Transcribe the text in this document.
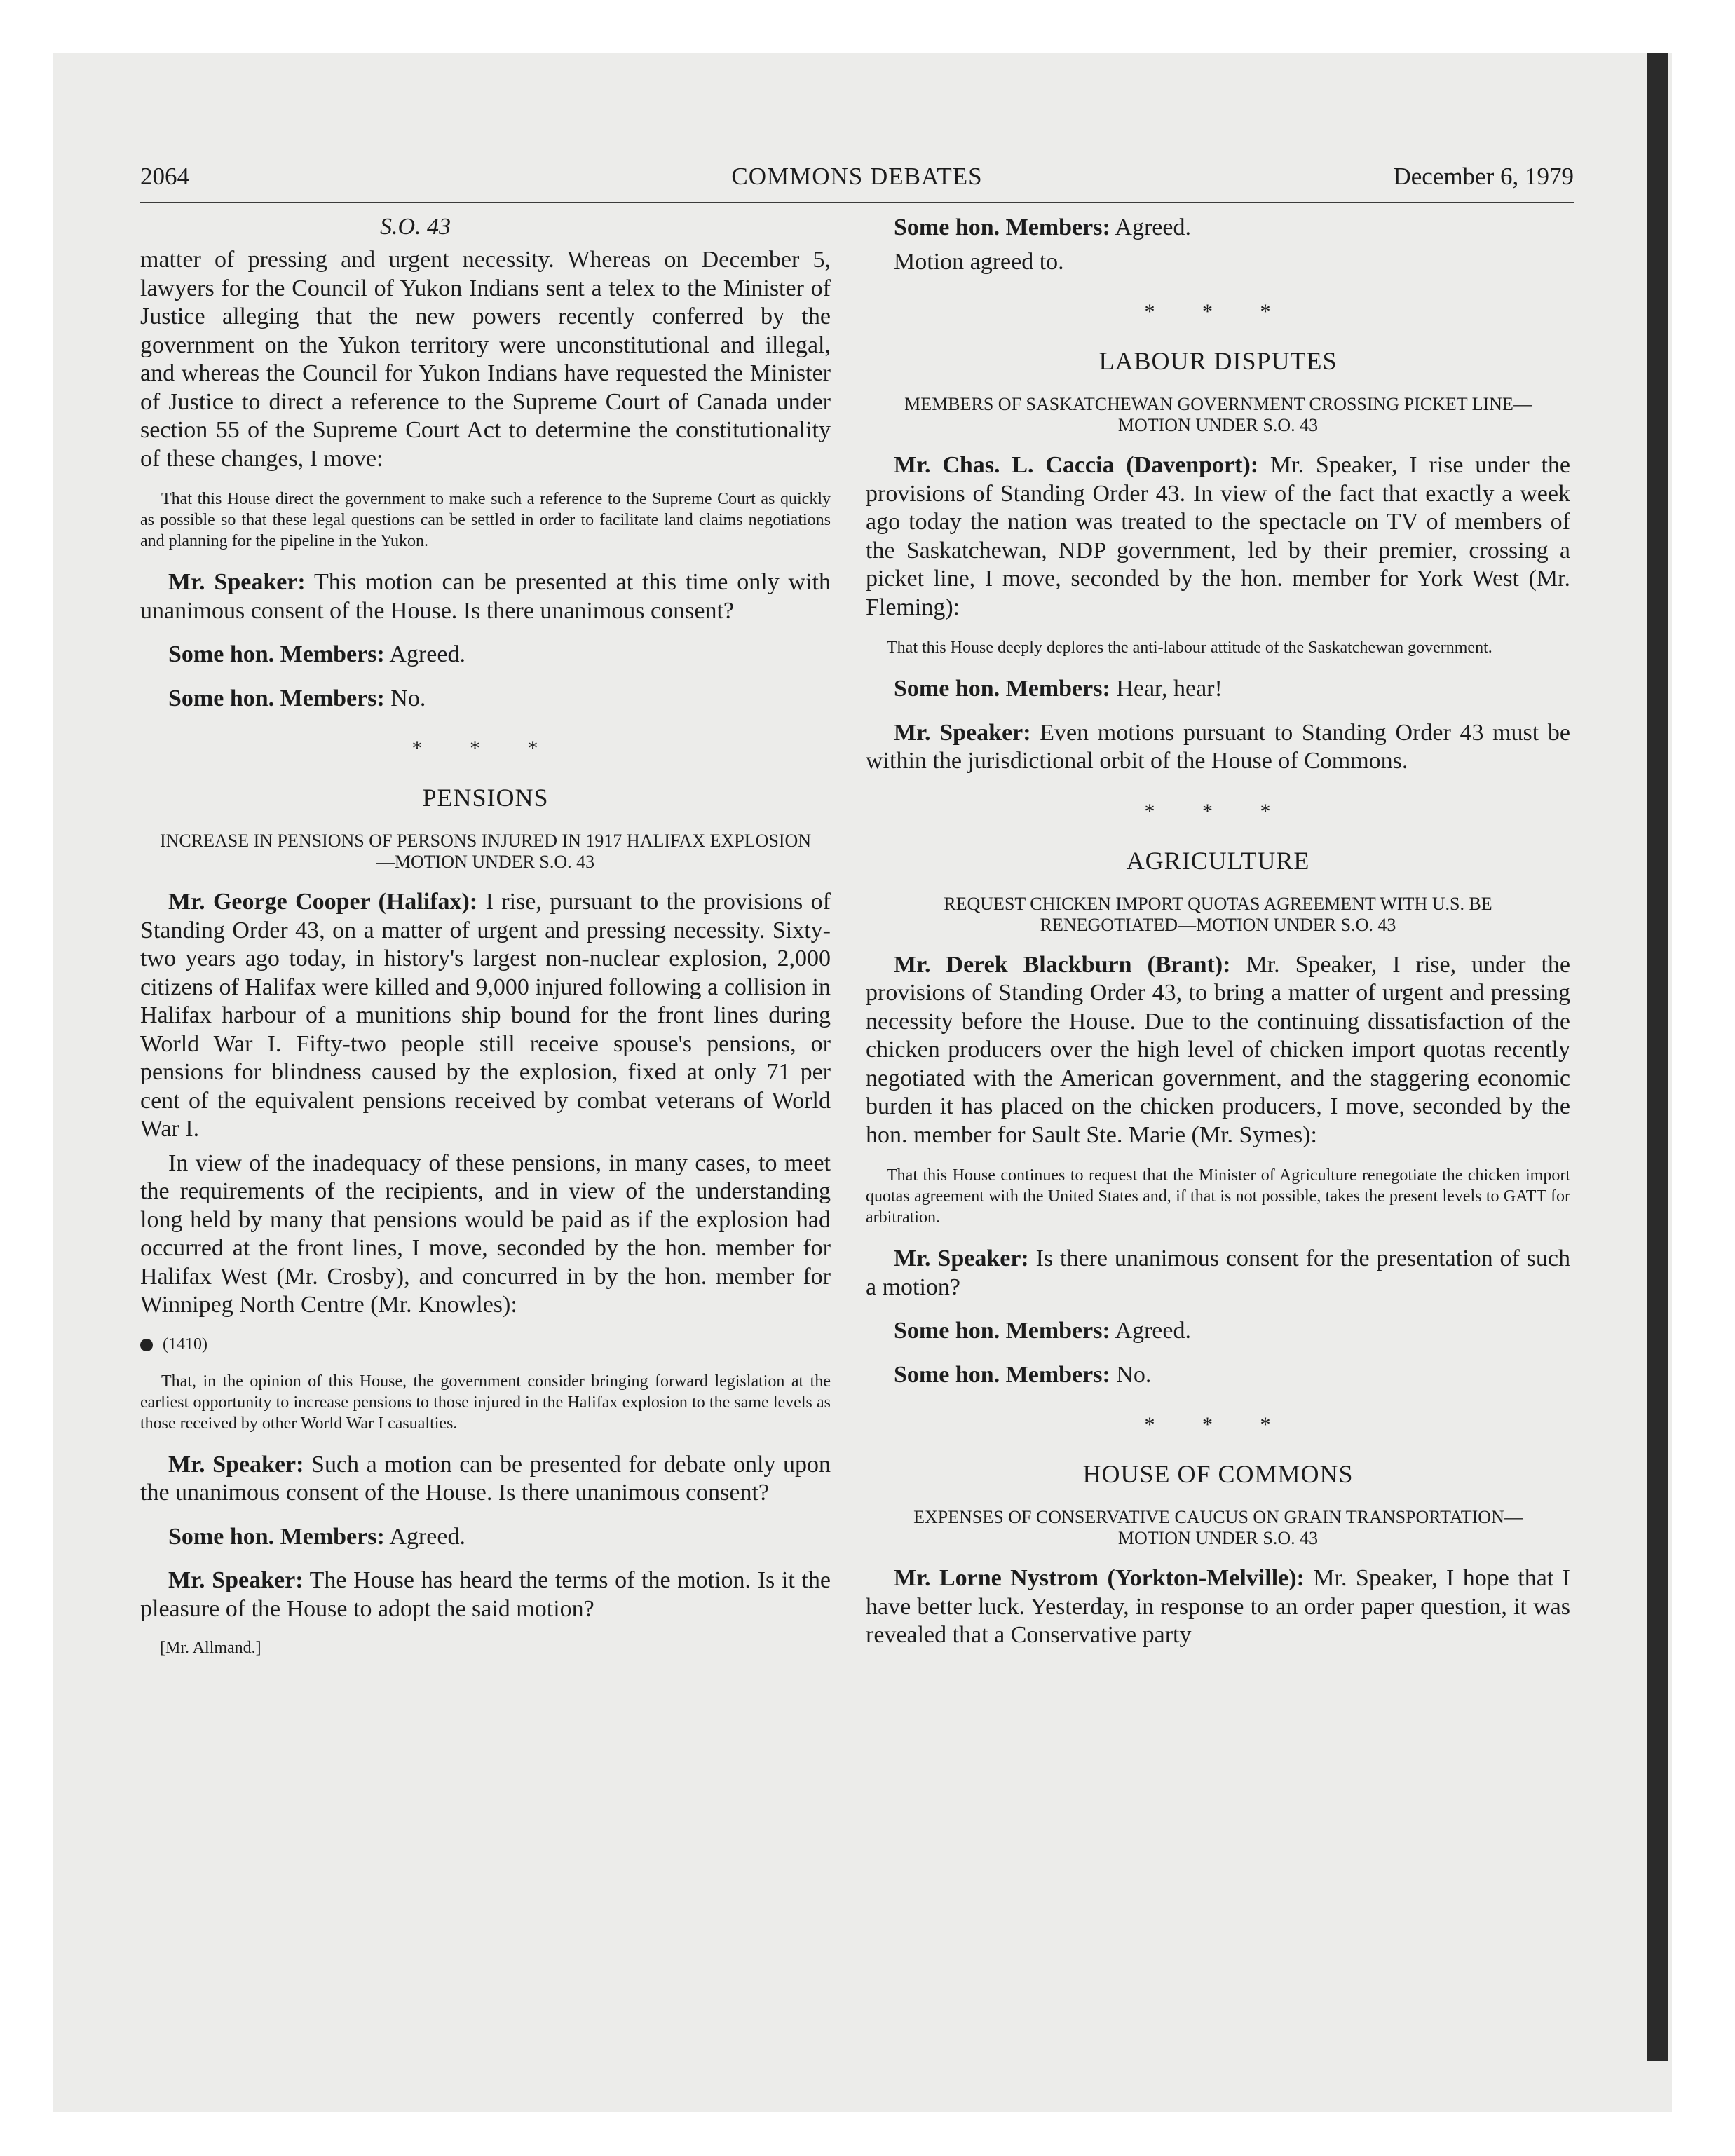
2064	COMMONS DEBATES	December 6, 1979
S.O. 43

matter of pressing and urgent necessity. Whereas on December 5, lawyers for the Council of Yukon Indians sent a telex to the Minister of Justice alleging that the new powers recently conferred by the government on the Yukon territory were unconstitutional and illegal, and whereas the Council for Yukon Indians have requested the Minister of Justice to direct a reference to the Supreme Court of Canada under section 55 of the Supreme Court Act to determine the constitutionality of these changes, I move:

That this House direct the government to make such a reference to the Supreme Court as quickly as possible so that these legal questions can be settled in order to facilitate land claims negotiations and planning for the pipeline in the Yukon.

Mr. Speaker: This motion can be presented at this time only with unanimous consent of the House. Is there unanimous consent?

Some hon. Members: Agreed.

Some hon. Members: No.

* * *
PENSIONS
INCREASE IN PENSIONS OF PERSONS INJURED IN 1917 HALIFAX EXPLOSION—MOTION UNDER S.O. 43

Mr. George Cooper (Halifax): I rise, pursuant to the provisions of Standing Order 43, on a matter of urgent and pressing necessity. Sixty-two years ago today, in history's largest non-nuclear explosion, 2,000 citizens of Halifax were killed and 9,000 injured following a collision in Halifax harbour of a munitions ship bound for the front lines during World War I. Fifty-two people still receive spouse's pensions, or pensions for blindness caused by the explosion, fixed at only 71 per cent of the equivalent pensions received by combat veterans of World War I.

In view of the inadequacy of these pensions, in many cases, to meet the requirements of the recipients, and in view of the understanding long held by many that pensions would be paid as if the explosion had occurred at the front lines, I move, seconded by the hon. member for Halifax West (Mr. Crosby), and concurred in by the hon. member for Winnipeg North Centre (Mr. Knowles):

(1410)

That, in the opinion of this House, the government consider bringing forward legislation at the earliest opportunity to increase pensions to those injured in the Halifax explosion to the same levels as those received by other World War I casualties.

Mr. Speaker: Such a motion can be presented for debate only upon the unanimous consent of the House. Is there unanimous consent?

Some hon. Members: Agreed.

Mr. Speaker: The House has heard the terms of the motion. Is it the pleasure of the House to adopt the said motion?

[Mr. Allmand.]

Some hon. Members: Agreed.

Motion agreed to.

* * *
LABOUR DISPUTES
MEMBERS OF SASKATCHEWAN GOVERNMENT CROSSING PICKET LINE—MOTION UNDER S.O. 43

Mr. Chas. L. Caccia (Davenport): Mr. Speaker, I rise under the provisions of Standing Order 43. In view of the fact that exactly a week ago today the nation was treated to the spectacle on TV of members of the Saskatchewan, NDP government, led by their premier, crossing a picket line, I move, seconded by the hon. member for York West (Mr. Fleming):

That this House deeply deplores the anti-labour attitude of the Saskatchewan government.

Some hon. Members: Hear, hear!

Mr. Speaker: Even motions pursuant to Standing Order 43 must be within the jurisdictional orbit of the House of Commons.

* * *
AGRICULTURE
REQUEST CHICKEN IMPORT QUOTAS AGREEMENT WITH U.S. BE RENEGOTIATED—MOTION UNDER S.O. 43

Mr. Derek Blackburn (Brant): Mr. Speaker, I rise, under the provisions of Standing Order 43, to bring a matter of urgent and pressing necessity before the House. Due to the continuing dissatisfaction of the chicken producers over the high level of chicken import quotas recently negotiated with the American government, and the staggering economic burden it has placed on the chicken producers, I move, seconded by the hon. member for Sault Ste. Marie (Mr. Symes):

That this House continues to request that the Minister of Agriculture renegotiate the chicken import quotas agreement with the United States and, if that is not possible, takes the present levels to GATT for arbitration.

Mr. Speaker: Is there unanimous consent for the presentation of such a motion?

Some hon. Members: Agreed.

Some hon. Members: No.

* * *
HOUSE OF COMMONS
EXPENSES OF CONSERVATIVE CAUCUS ON GRAIN TRANSPORTATION—MOTION UNDER S.O. 43

Mr. Lorne Nystrom (Yorkton-Melville): Mr. Speaker, I hope that I have better luck. Yesterday, in response to an order paper question, it was revealed that a Conservative party
